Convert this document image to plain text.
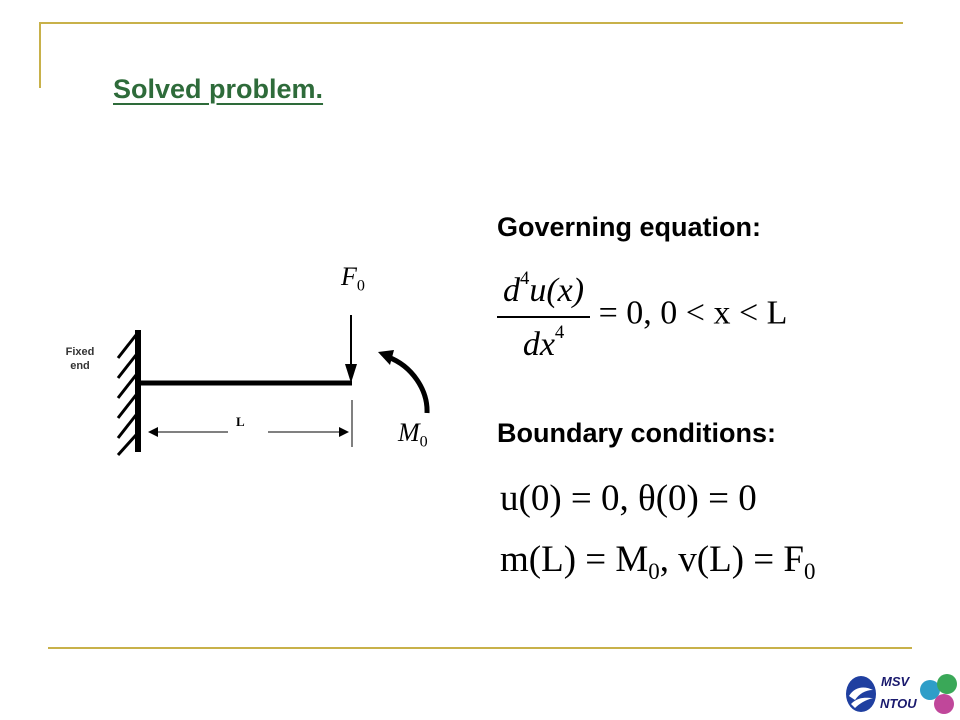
Solved problem.
Fixed
end
L
$F_0$
$M_0$
Governing equation:
Boundary conditions:
$\frac{d^4u(x)}{dx^4} = 0$, 0 < x < L
u(0) = 0, θ(0) = 0
$m(L) = M_0$, $v(L) = F_0$
MSV
NTOU
